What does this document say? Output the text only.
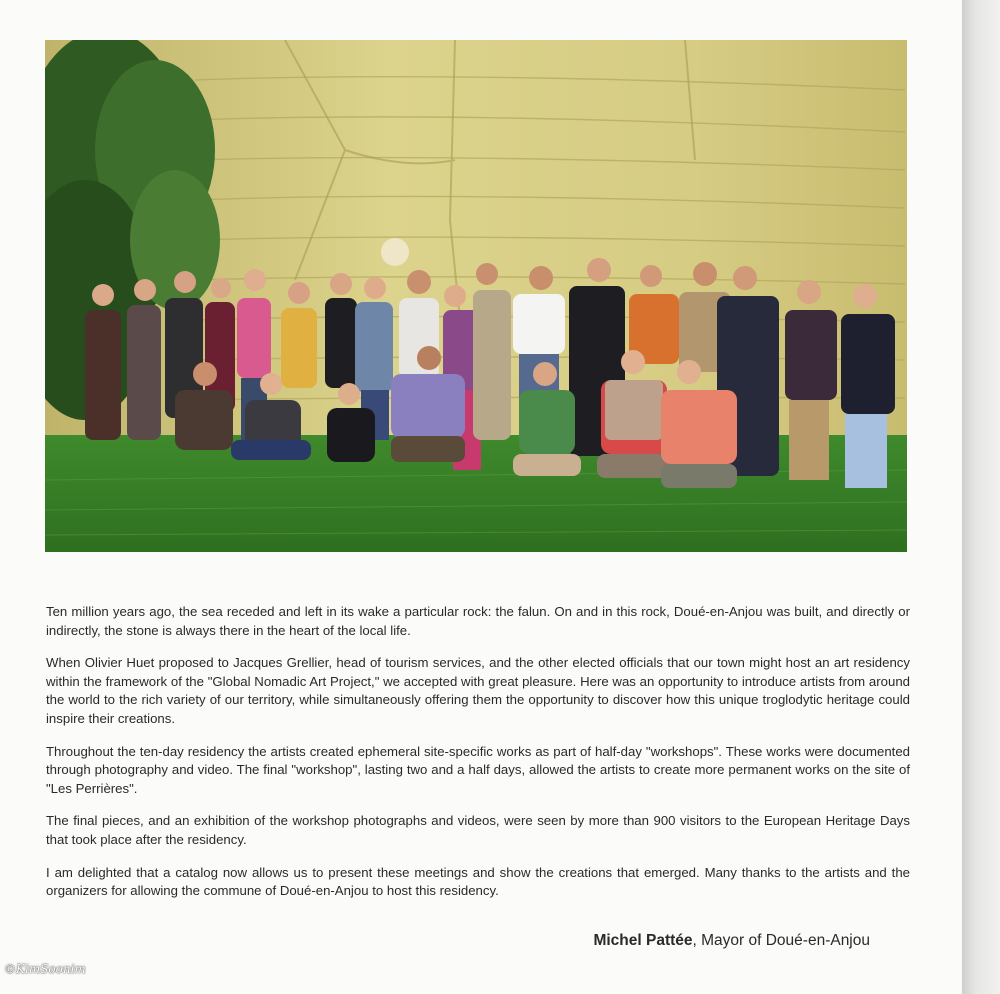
Ten million years ago, the sea receded and left in its wake a particular rock: the falun. On and in this rock, Doué-en-Anjou was built, and directly or indirectly, the stone is always there in the heart of the local life.

When Olivier Huet proposed to Jacques Grellier, head of tourism services, and the other elected officials that our town might host an art residency within the framework of the "Global Nomadic Art Project," we accepted with great pleasure. Here was an opportunity to introduce artists from around the world to the rich variety of our territory, while simultaneously offering them the opportunity to discover how this unique troglodytic heritage could inspire their creations.

Throughout the ten-day residency the artists created ephemeral site-specific works as part of half-day "workshops". These works were documented through photography and video. The final "workshop", lasting two and a half days, allowed the artists to create more permanent works on the site of "Les Perrières".

The final pieces, and an exhibition of the workshop photographs and videos, were seen by more than 900 visitors to the European Heritage Days that took place after the residency.

I am delighted that a catalog now allows us to present these meetings and show the creations that emerged. Many thanks to the artists and the organizers for allowing the commune of Doué-en-Anjou to host this residency.

Michel Pattée, Mayor of Doué-en-Anjou
©KimSoonim
